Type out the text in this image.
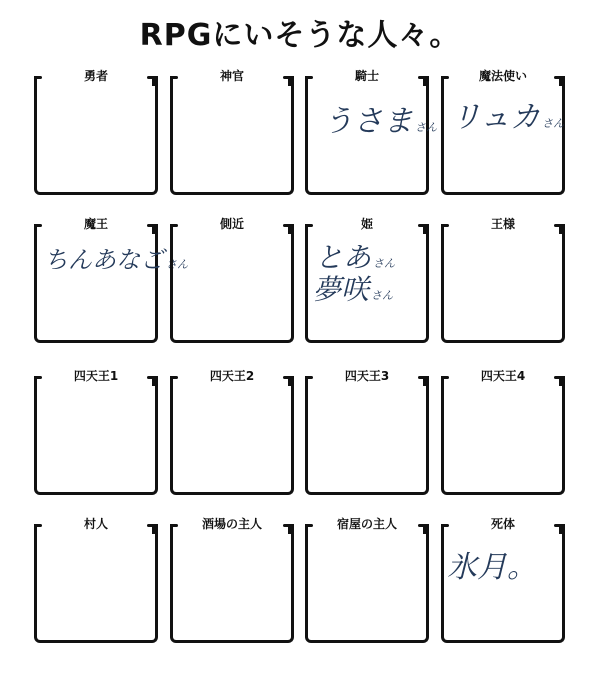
RPGにいそうな人々。
勇者	神官	騎士
うさま さん
魔法使い
リュカ さん
魔王
ちんあなご さん
側近	姫
とあ さん
夢咲 さん
王様
四天王1	四天王2	四天王3	四天王4
村人	酒場の主人	宿屋の主人	死体
氷月。
